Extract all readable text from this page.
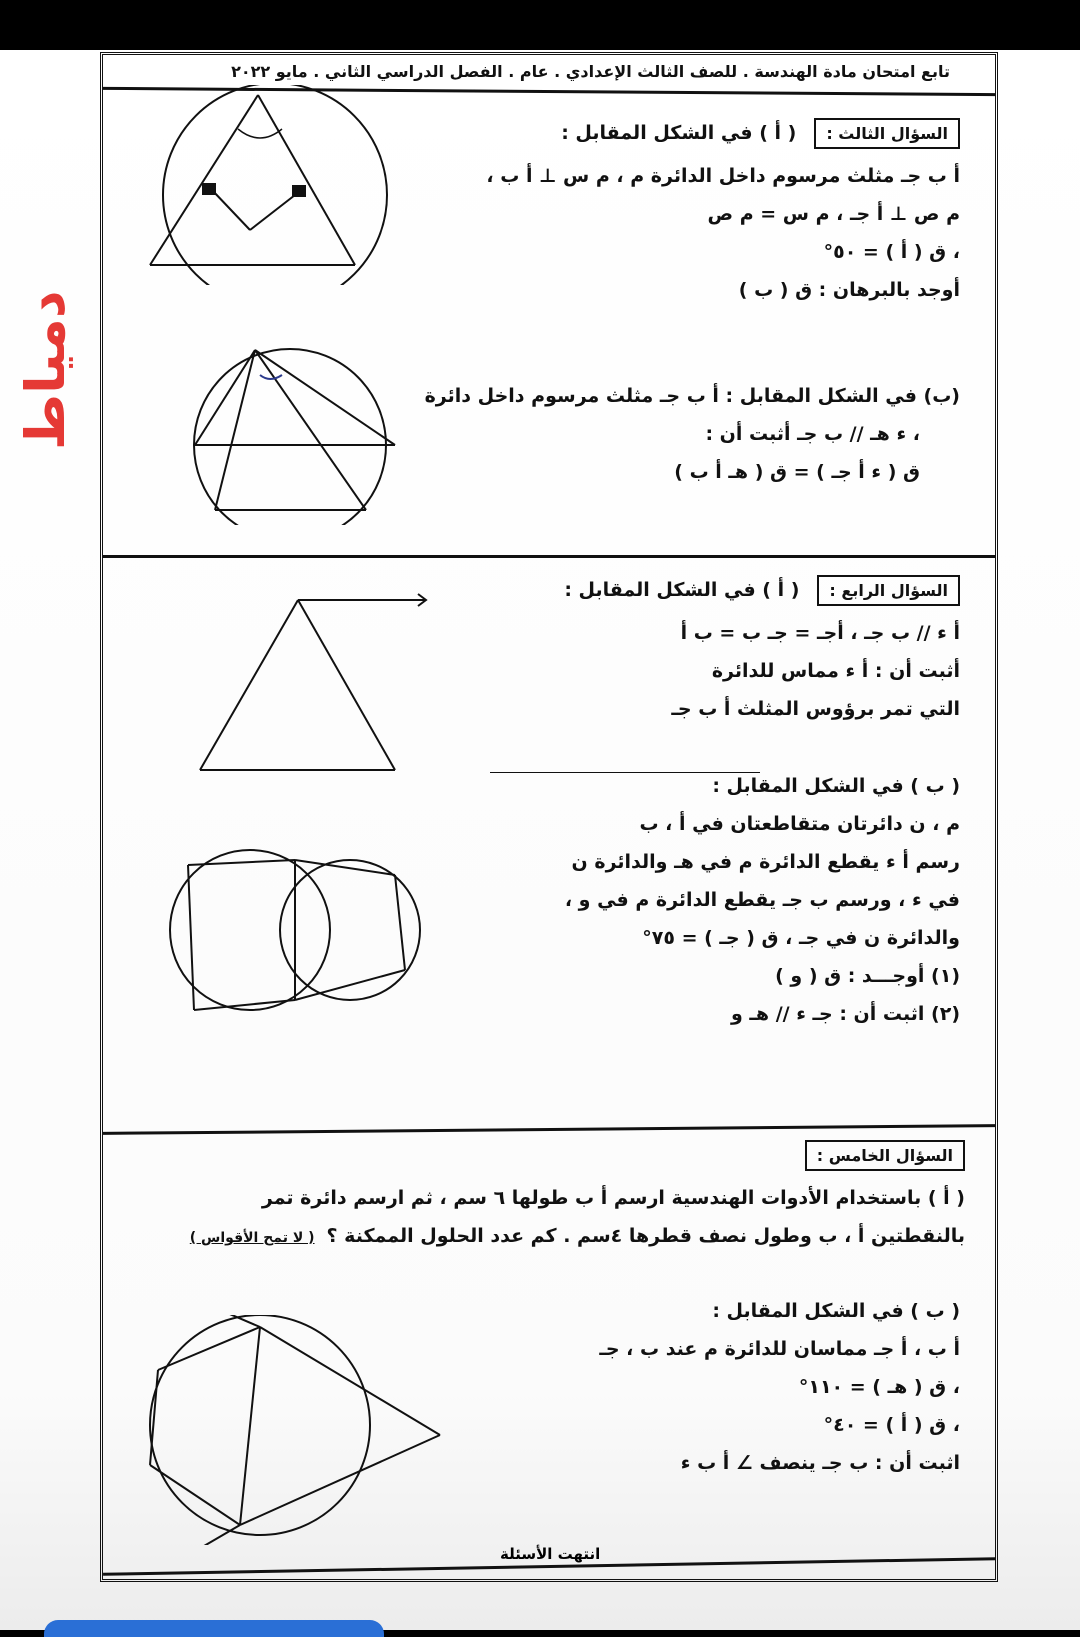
تابع امتحان مادة الهندسة . للصف الثالث الإعدادي . عام . الفصل الدراسي الثاني . مايو ٢٠٢٢
دمياط
السؤال الثالث :( أ ) في الشكل المقابل :
أ ب جـ مثلث مرسوم داخل الدائرة م ، م س ⊥ أ ب ،
م ص ⊥ أ جـ ، م س = م ص
، ق ( أ ) = ٥٠°
أوجد بالبرهان : ق ( ب )
(ب) في الشكل المقابل : أ ب جـ مثلث مرسوم داخل دائرة
، ء هـ // ب جـ أثبت أن :
ق ( ء أ جـ ) = ق ( هـ أ ب )
السؤال الرابع :( أ ) في الشكل المقابل :
أ ء // ب جـ ، أجـ = جـ ب = ب أ
أثبت أن : أ ء مماس للدائرة
التي تمر برؤوس المثلث أ ب جـ
( ب ) في الشكل المقابل :
م ، ن دائرتان متقاطعتان في أ ، ب
رسم أ ء يقطع الدائرة م في هـ والدائرة ن
في ء ، ورسم ب جـ يقطع الدائرة م في و ،
والدائرة ن في جـ ، ق ( جـ ) = ٧٥°
(١) أوجـــد : ق ( و )
(٢) اثبت أن : جـ ء // هـ و
السؤال الخامس :
( أ ) باستخدام الأدوات الهندسية ارسم أ ب طولها ٦ سم ، ثم ارسم دائرة تمر
بالنقطتين أ ، ب وطول نصف قطرها ٤سم . كم عدد الحلول الممكنة ؟( لا تمح الأقواس )
( ب ) في الشكل المقابل :
أ ب ، أ جـ مماسان للدائرة م عند ب ، جـ
، ق ( هـ ) = ١١٠°
، ق ( أ ) = ٤٠°
اثبت أن : ب جـ ينصف ∠ أ ب ء
انتهت الأسئلة
